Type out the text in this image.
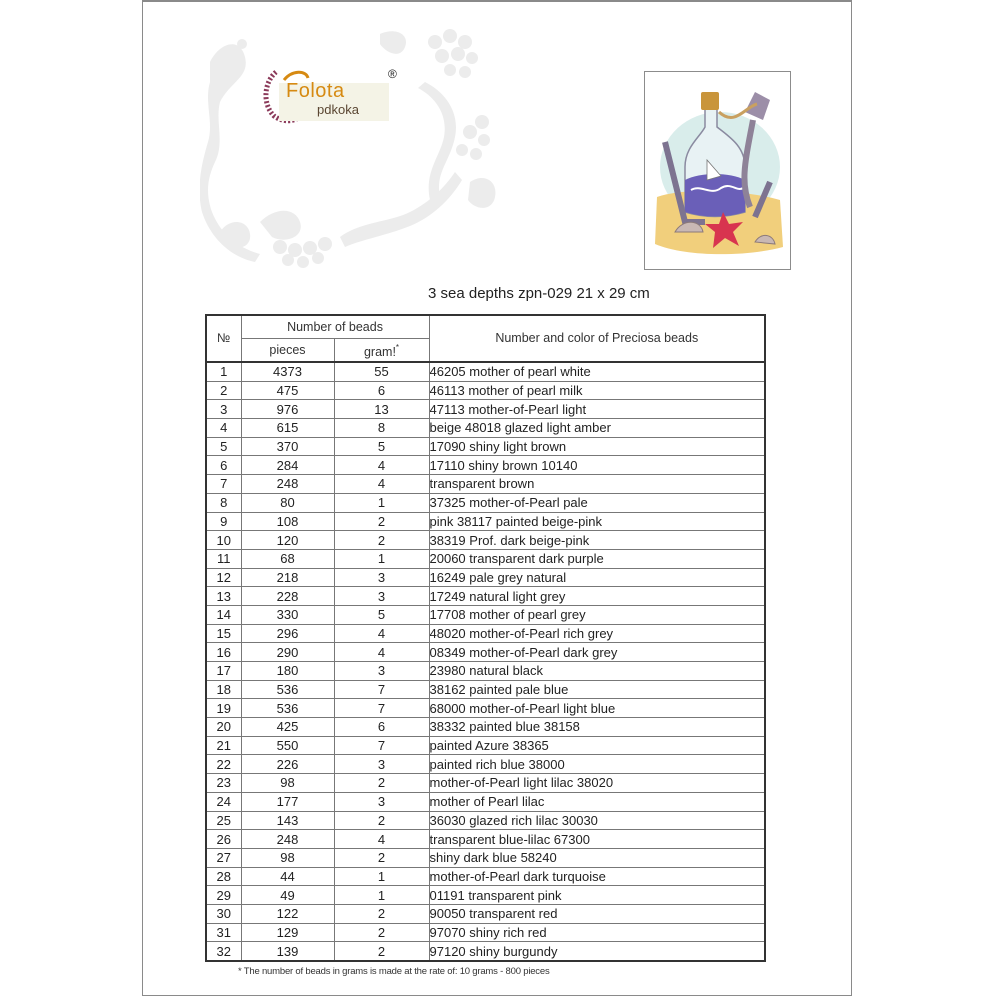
Folota
pdkoka
®
3 sea depths zpn-029 21 x 29 cm
№	Number of beads		Number and color of Preciosa beads
	pieces	gram!*
1	4373	55	46205 mother of pearl white
2	475	6	46113 mother of pearl milk
3	976	13	47113 mother-of-Pearl light
4	615	8	beige 48018 glazed light amber
5	370	5	17090 shiny light brown
6	284	4	17110 shiny brown 10140
7	248	4	transparent brown
8	80	1	37325 mother-of-Pearl pale
9	108	2	pink 38117 painted beige-pink
10	120	2	38319 Prof. dark beige-pink
11	68	1	20060 transparent dark purple
12	218	3	16249 pale grey natural
13	228	3	17249 natural light grey
14	330	5	17708 mother of pearl grey
15	296	4	48020 mother-of-Pearl rich grey
16	290	4	08349 mother-of-Pearl dark grey
17	180	3	23980 natural black
18	536	7	38162 painted pale blue
19	536	7	68000 mother-of-Pearl light blue
20	425	6	38332 painted blue 38158
21	550	7	painted Azure 38365
22	226	3	painted rich blue 38000
23	98	2	mother-of-Pearl light lilac 38020
24	177	3	mother of Pearl lilac
25	143	2	36030 glazed rich lilac 30030
26	248	4	transparent blue-lilac 67300
27	98	2	shiny dark blue 58240
28	44	1	mother-of-Pearl dark turquoise
29	49	1	01191 transparent pink
30	122	2	90050 transparent red
31	129	2	97070 shiny rich red
32	139	2	97120 shiny burgundy
* The number of beads in grams is made at the rate of: 10 grams - 800 pieces
